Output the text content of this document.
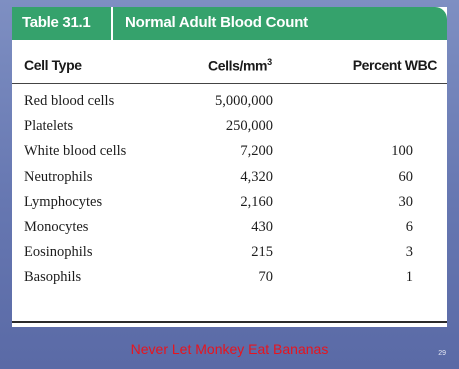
Table 31.1 Normal Adult Blood Count
Cell Type	Cells/$mm^3$	Percent WBC
Red blood cells	5,000,000
Platelets	250,000
White blood cells	7,200	100
Neutrophils	4,320	60
Lymphocytes	2,160	30
Monocytes	430	6
Eosinophils	215	3
Basophils	70	1
Never Let Monkey Eat Bananas	29
